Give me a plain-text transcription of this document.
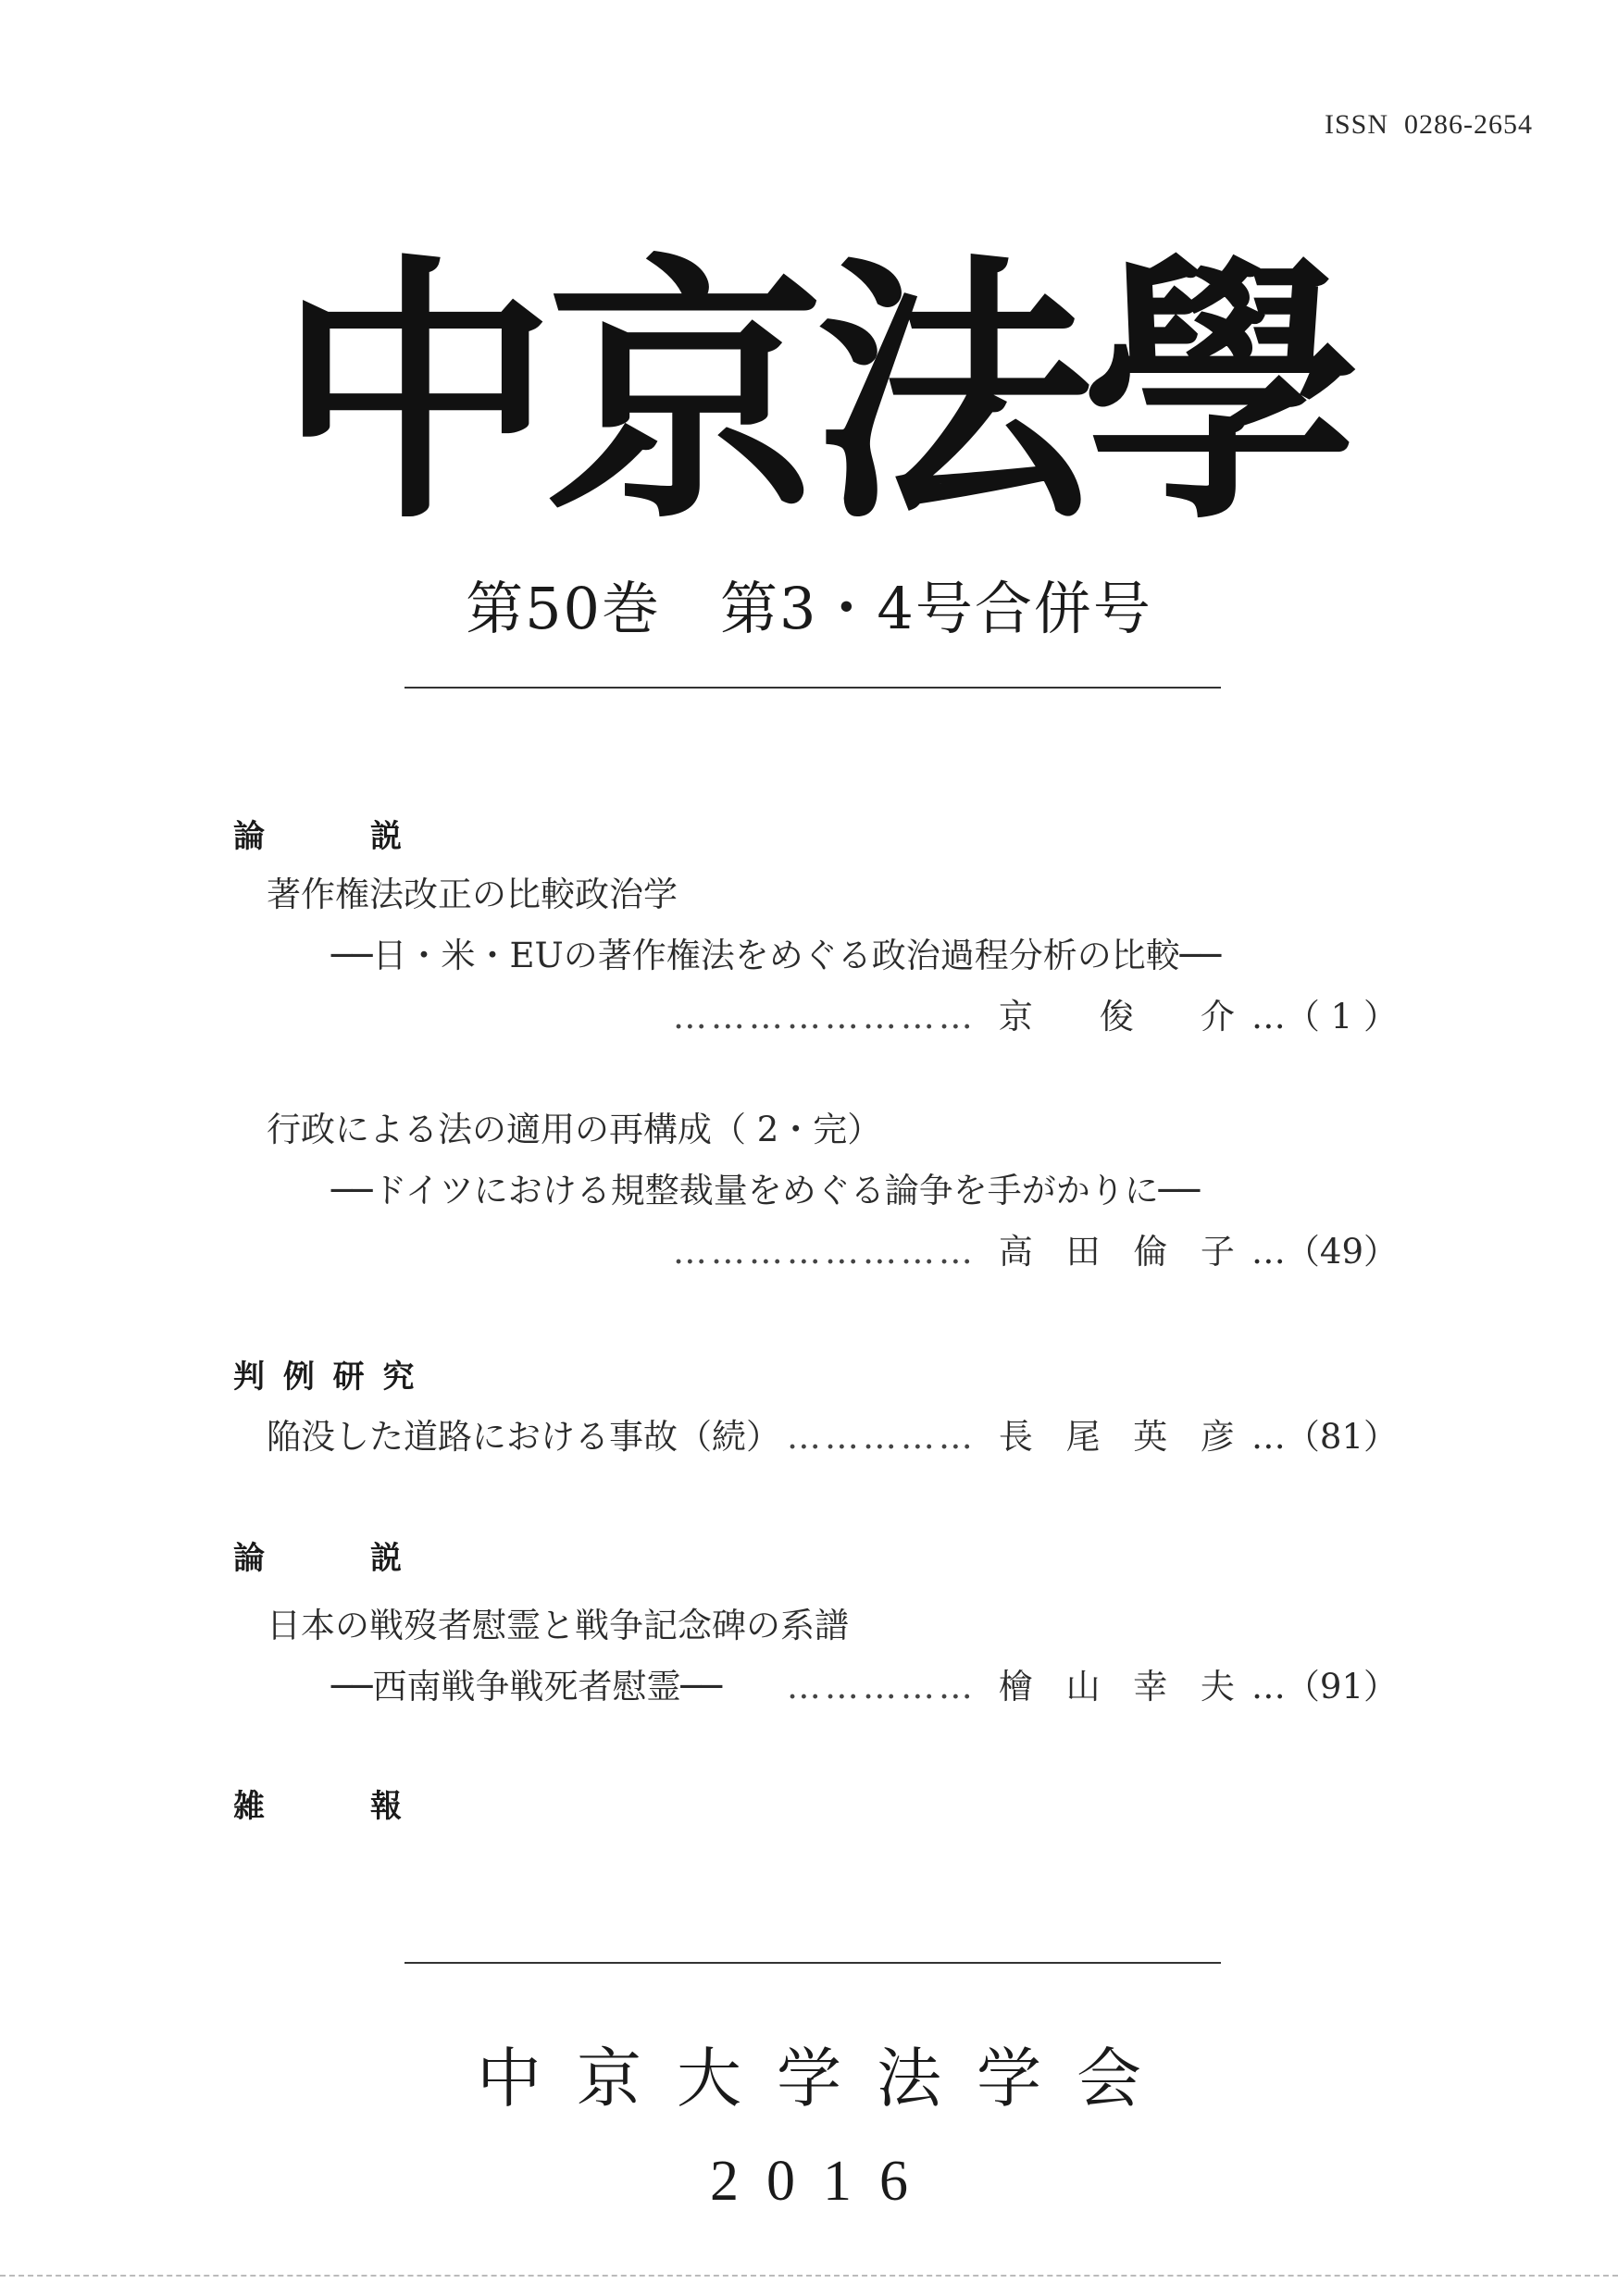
ISSN  0286-2654
中
京
法
學
第50巻　第3・4号合併号
論	説
著作権法改正の比較政治学
──日・米・EUの著作権法をめぐる政治過程分析の比較──
…………………… 京 俊 介 …（ 1 ）
行政による法の適用の再構成（ 2・完）
──ドイツにおける規整裁量をめぐる論争を手がかりに──
…………………… 高 田 倫 子 …（49）
判 例 研 究
陥没した道路における事故（続） …………… 長 尾 英 彦 …（81）
論	説
日本の戦歿者慰霊と戦争記念碑の系譜
──西南戦争戦死者慰霊── …………… 檜 山 幸 夫 …（91）
雑	報
中京大学法学会
2016
